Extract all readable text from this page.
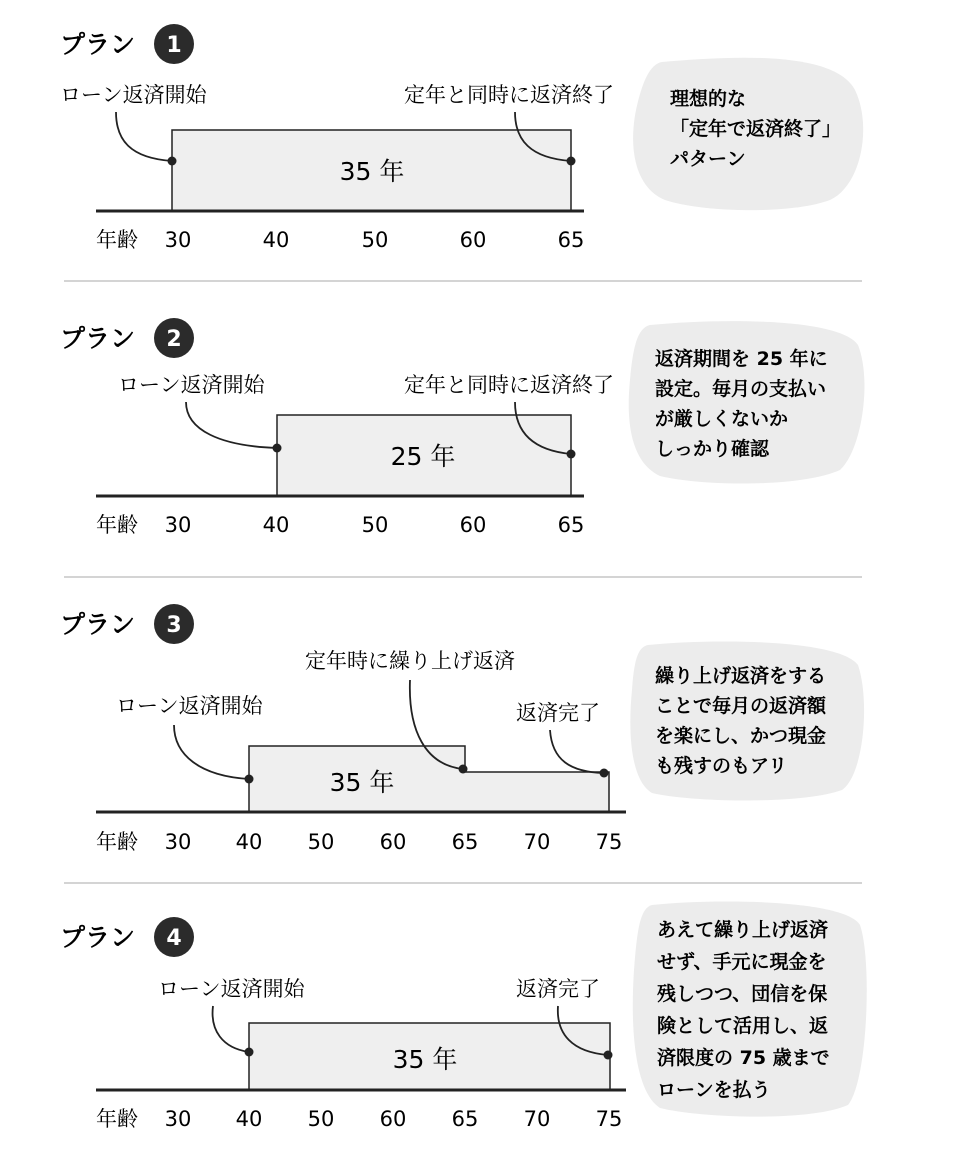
プラン 1
35 年
ローン返済開始	定年と同時に返済終了
年齢 30	40	50	60	65
理想的な
「定年で返済終了」
パターン
プラン 2
25 年
ローン返済開始	定年と同時に返済終了
年齢 30	40	50	60	65
返済期間を 25 年に
設定。毎月の支払い
が厳しくないか
しっかり確認
プラン 3
35 年
ローン返済開始
定年時に繰り上げ返済
返済完了
年齢 30 40 50 60 65 70 75
繰り上げ返済をする
ことで毎月の返済額
を楽にし、かつ現金
も残すのもアリ
プラン 4
35 年
ローン返済開始	返済完了
年齢 30 40 50 60 65 70 75
あえて繰り上げ返済
せず、手元に現金を
残しつつ、団信を保
険として活用し、返
済限度の 75 歳まで
ローンを払う
